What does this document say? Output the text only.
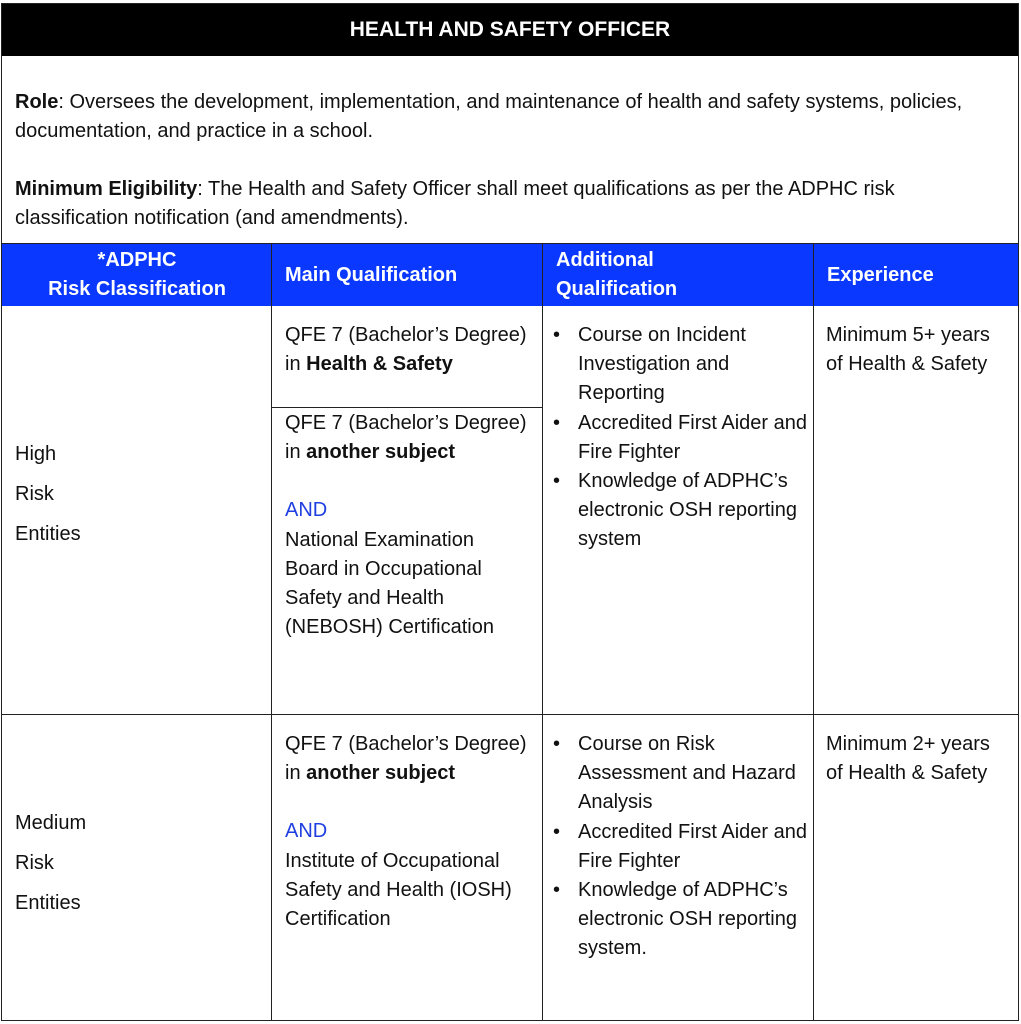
HEALTH AND SAFETY OFFICER
Role: Oversees the development, implementation, and maintenance of health and safety systems, policies, documentation, and practice in a school.
Minimum Eligibility: The Health and Safety Officer shall meet qualifications as per the ADPHC risk classification notification (and amendments).
*ADPHC
Risk Classification
Main Qualification
Additional
Qualification
Experience
High
Risk
Entities
QFE 7 (Bachelor’s Degree) in Health & Safety
QFE 7 (Bachelor’s Degree) in another subject
AND
National Examination Board in Occupational Safety and Health (NEBOSH) Certification
• Course on Incident Investigation and Reporting
• Accredited First Aider and Fire Fighter
• Knowledge of ADPHC’s electronic OSH reporting system
Minimum 5+ years of Health & Safety
Medium
Risk
Entities
QFE 7 (Bachelor’s Degree) in another subject
AND
Institute of Occupational Safety and Health (IOSH) Certification
• Course on Risk Assessment and Hazard Analysis
• Accredited First Aider and Fire Fighter
• Knowledge of ADPHC’s electronic OSH reporting system.
Minimum 2+ years of Health & Safety
